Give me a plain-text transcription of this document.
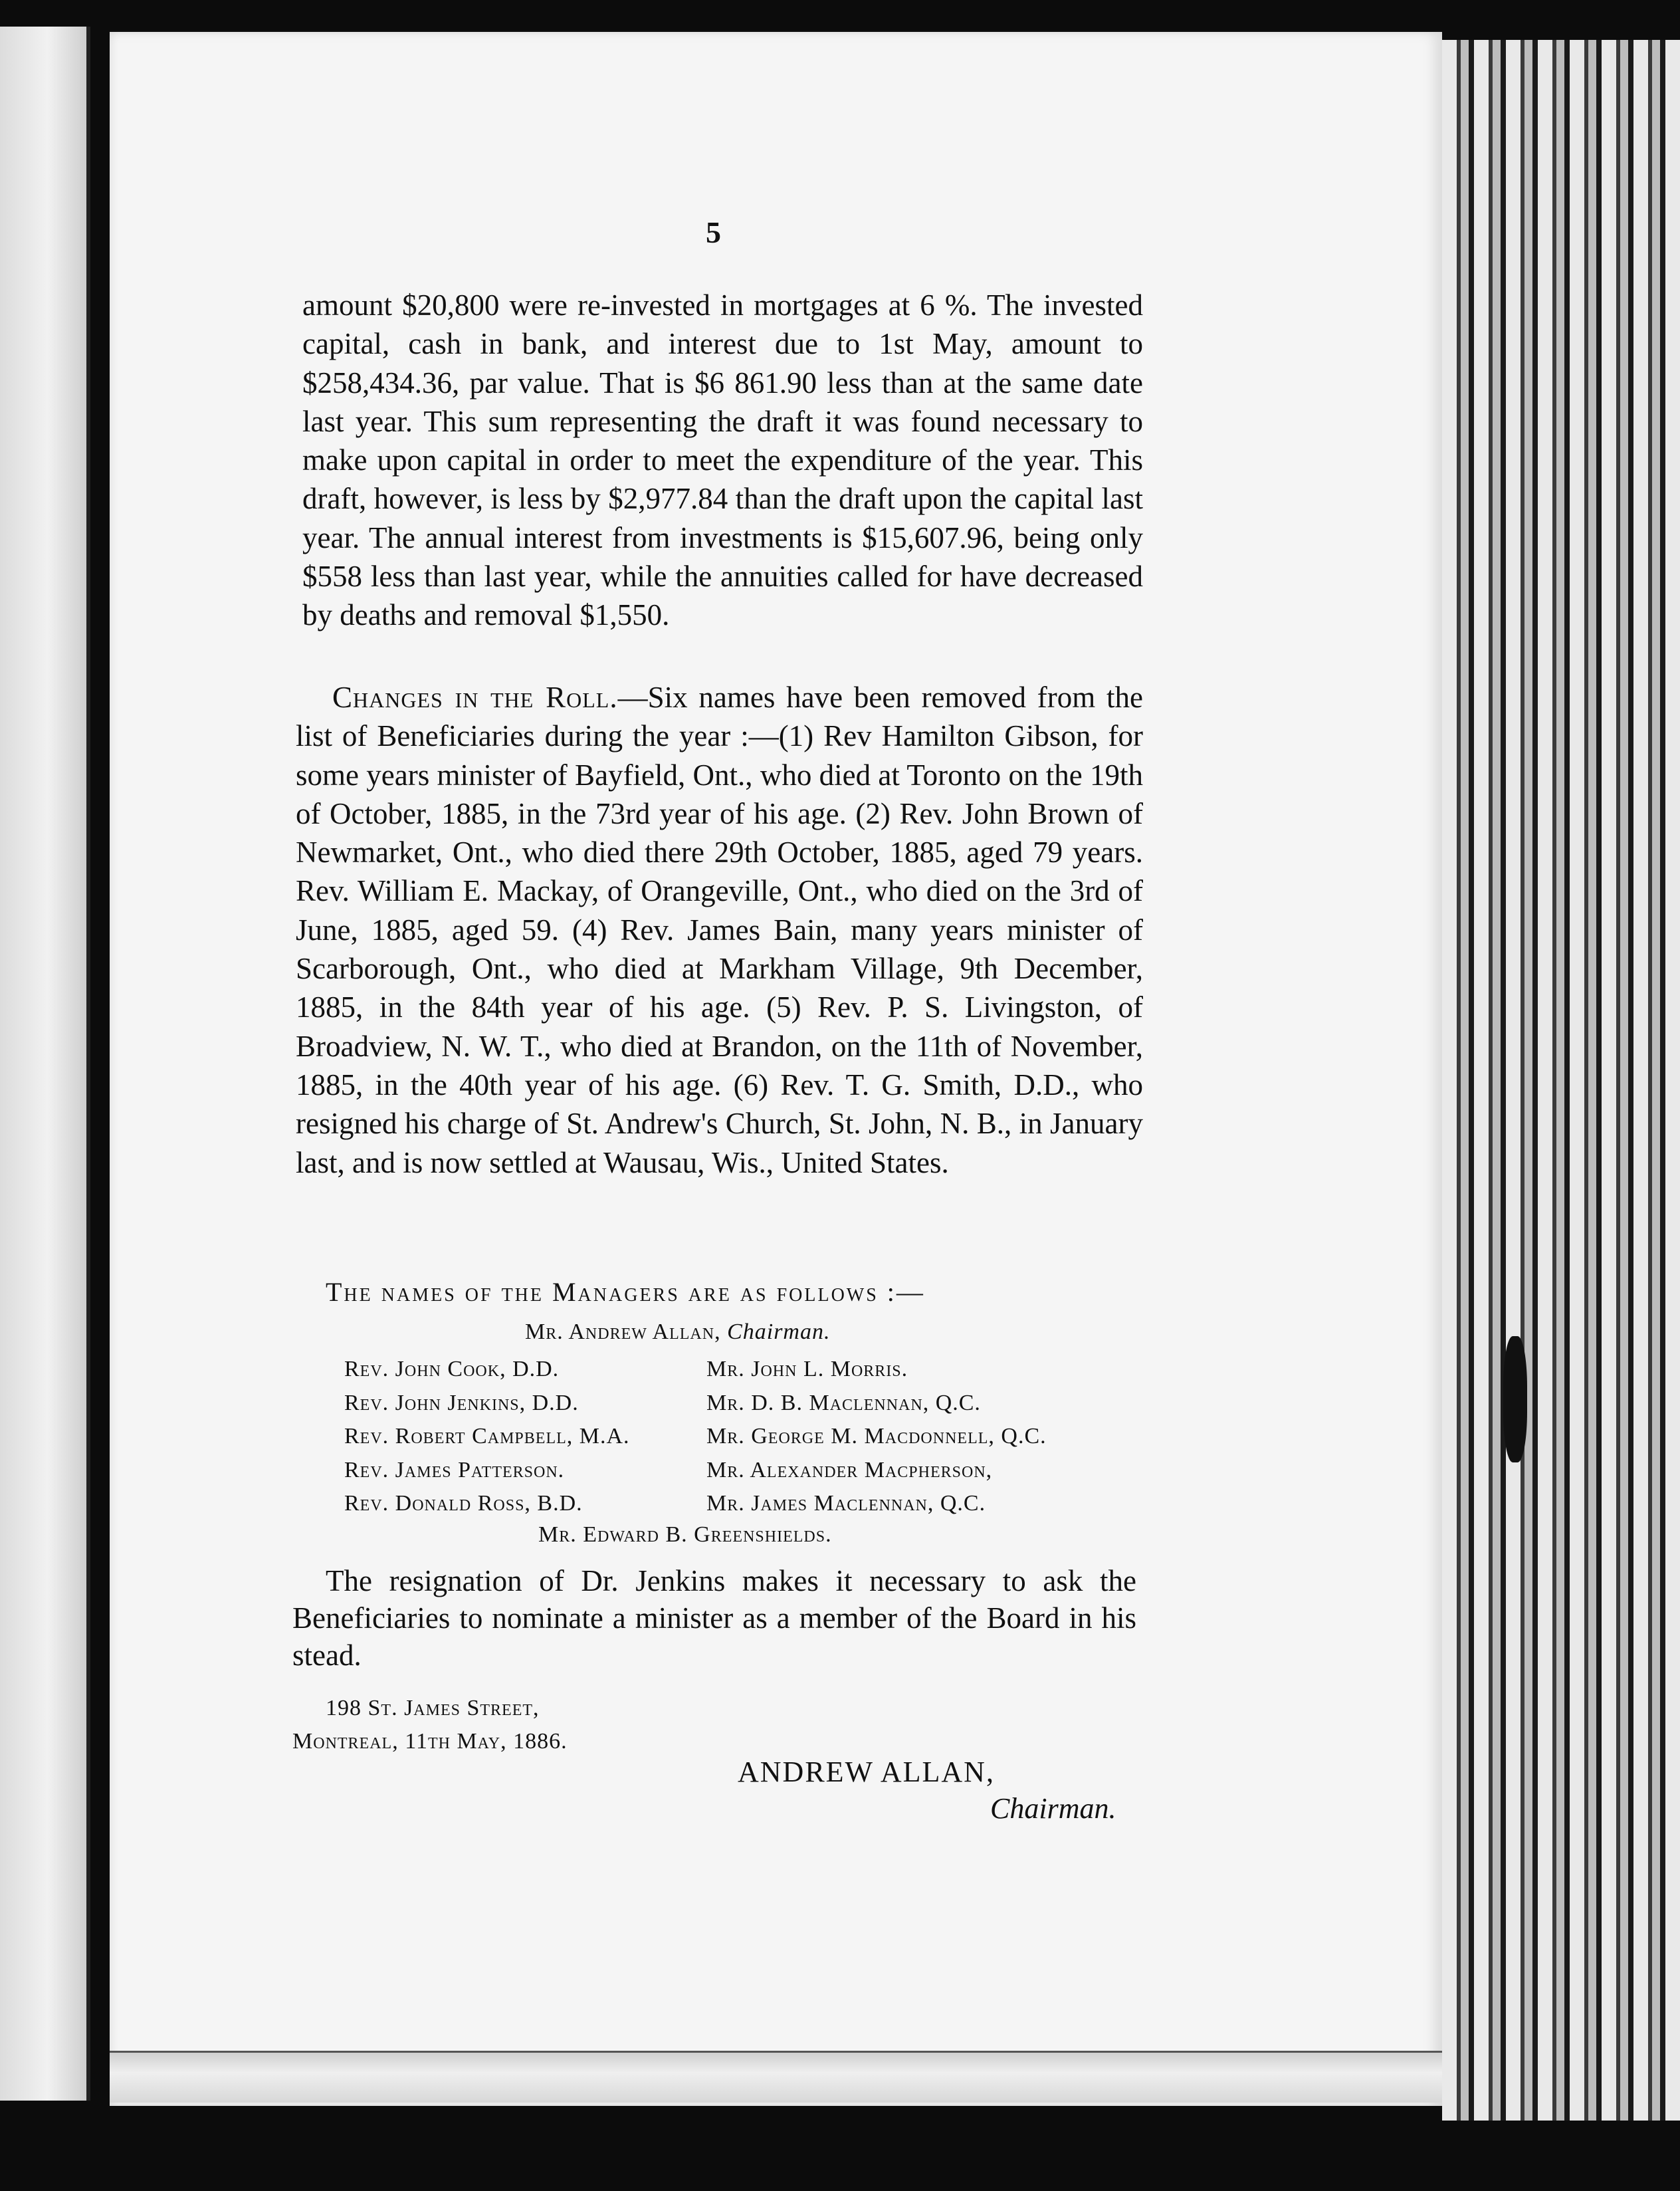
5

amount $20,800 were re-invested in mortgages at 6 %. The invested capital, cash in bank, and interest due to 1st May, amount to $258,434.36, par value. That is $6 861.90 less than at the same date last year. This sum representing the draft it was found necessary to make upon capital in order to meet the expenditure of the year. This draft, however, is less by $2,977.84 than the draft upon the capital last year. The annual interest from investments is $15,607.96, being only $558 less than last year, while the annuities called for have decreased by deaths and removal $1,550.

Changes in the Roll.—Six names have been removed from the list of Beneficiaries during the year :—(1) Rev Hamilton Gibson, for some years minister of Bayfield, Ont., who died at Toronto on the 19th of October, 1885, in the 73rd year of his age. (2) Rev. John Brown of Newmarket, Ont., who died there 29th October, 1885, aged 79 years. Rev. William E. Mackay, of Orangeville, Ont., who died on the 3rd of June, 1885, aged 59. (4) Rev. James Bain, many years minister of Scarborough, Ont., who died at Markham Village, 9th December, 1885, in the 84th year of his age. (5) Rev. P. S. Livingston, of Broadview, N. W. T., who died at Brandon, on the 11th of November, 1885, in the 40th year of his age. (6) Rev. T. G. Smith, D.D., who resigned his charge of St. Andrew's Church, St. John, N. B., in January last, and is now settled at Wausau, Wis., United States.

The names of the Managers are as follows :—
Mr. Andrew Allan, Chairman.
Rev. John Cook, D.D.
Rev. John Jenkins, D.D.
Rev. Robert Campbell, M.A.
Rev. James Patterson.
Rev. Donald Ross, B.D.
Mr. John L. Morris.
Mr. D. B. Maclennan, Q.C.
Mr. George M. Macdonnell, Q.C.
Mr. Alexander Macpherson,
Mr. James Maclennan, Q.C.
Mr. Edward B. Greenshields.

The resignation of Dr. Jenkins makes it necessary to ask the Beneficiaries to nominate a minister as a member of the Board in his stead.

198 St. James Street,
Montreal, 11th May, 1886.
ANDREW ALLAN,
Chairman.
